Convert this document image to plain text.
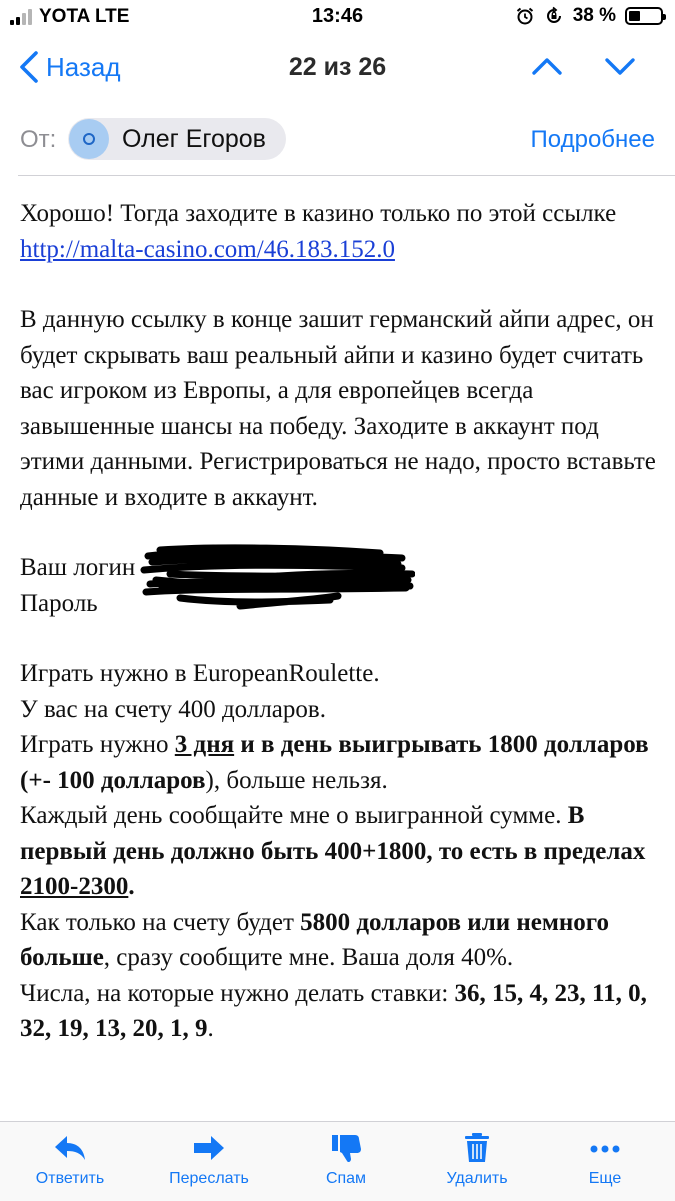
YOTA LTE	13:46	38 %
Назад	22 из 26
От:	Олег Егоров	Подробнее

Хорошо! Тогда заходите в казино только по этой ссылке http://malta-casino.com/46.183.152.0

В данную ссылку в конце зашит германский айпи адрес, он будет скрывать ваш реальный айпи и казино будет считать вас игроком из Европы, а для европейцев всегда завышенные шансы на победу. Заходите в аккаунт под этими данными. Регистрироваться не надо, просто вставьте данные и входите в аккаунт.

Ваш логин

Пароль

Играть нужно в EuropeanRoulette.

У вас на счету 400 долларов.

Играть нужно 3 дня и в день выигрывать 1800 долларов (+- 100 долларов), больше нельзя.

Каждый день сообщайте мне о выигранной сумме. В первый день должно быть 400+1800, то есть в пределах 2100-2300.

Как только на счету будет 5800 долларов или немного больше, сразу сообщите мне. Ваша доля 40%.

Числа, на которые нужно делать ставки: 36, 15, 4, 23, 11, 0, 32, 19, 13, 20, 1, 9.

Ответить	Переслать	Спам	Удалить	Еще
